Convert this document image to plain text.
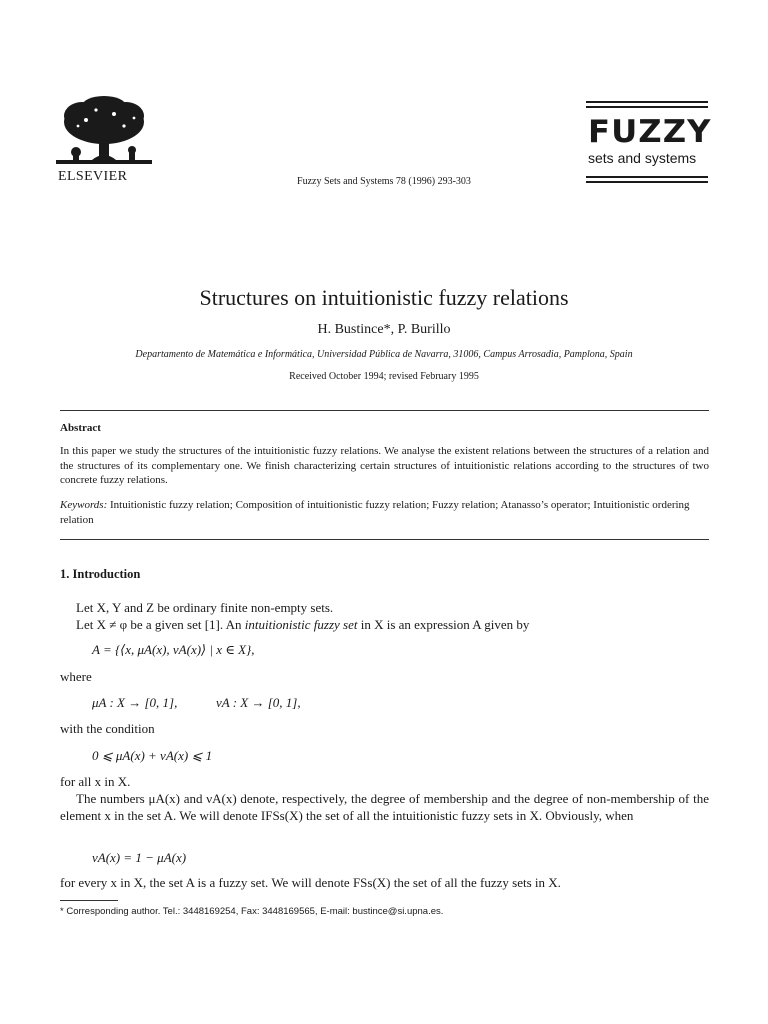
ELSEVIER	Fuzzy Sets and Systems 78 (1996) 293-303
FUZZY
sets and systems
Structures on intuitionistic fuzzy relations
H. Bustince*, P. Burillo
Departamento de Matemática e Informática, Universidad Pública de Navarra, 31006, Campus Arrosadia, Pamplona, Spain
Received October 1994; revised February 1995
Abstract
In this paper we study the structures of the intuitionistic fuzzy relations. We analyse the existent relations between the structures of a relation and the structures of its complementary one. We finish characterizing certain structures of intuitionistic relations according to the structures of two concrete fuzzy relations.
Keywords: Intuitionistic fuzzy relation; Composition of intuitionistic fuzzy relation; Fuzzy relation; Atanasso’s operator; Intuitionistic ordering relation
1. Introduction
Let X, Y and Z be ordinary finite non-empty sets.
Let X ≠ φ be a given set [1]. An intuitionistic fuzzy set in X is an expression A given by
A = {⟨x, μA(x), νA(x)⟩ | x ∈ X},
where
μA : X → [0, 1],	νA : X → [0, 1],
with the condition
0 ⩽ μA(x) + νA(x) ⩽ 1
for all x in X.
The numbers μA(x) and νA(x) denote, respectively, the degree of membership and the degree of non-membership of the element x in the set A. We will denote IFSs(X) the set of all the intuitionistic fuzzy sets in X. Obviously, when
νA(x) = 1 − μA(x)
for every x in X, the set A is a fuzzy set. We will denote FSs(X) the set of all the fuzzy sets in X.
* Corresponding author. Tel.: 3448169254, Fax: 3448169565, E-mail: bustince@si.upna.es.
